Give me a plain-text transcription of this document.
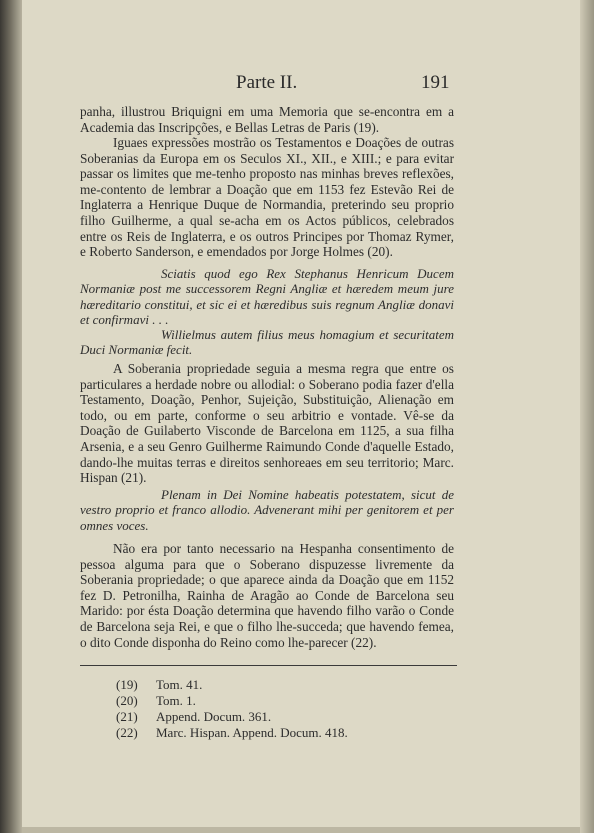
Parte II.	191

panha, illustrou Briquigni em uma Memoria que se-encontra em a Academia das Inscripções, e Bellas Letras de Paris (19).

Iguaes expressões mostrão os Testamentos e Doações de outras Soberanias da Europa em os Seculos XI., XII., e XIII.; e para evitar passar os limites que me-tenho proposto nas minhas breves reflexões, me-contento de lembrar a Doação que em 1153 fez Estevão Rei de Inglaterra a Henrique Duque de Normandia, preterindo seu proprio filho Guilherme, a qual se-acha em os Actos públicos, celebrados entre os Reis de Inglaterra, e os outros Principes por Thomaz Rymer, e Roberto Sanderson, e emendados por Jorge Holmes (20).

Sciatis quod ego Rex Stephanus Henricum Ducem Normaniæ post me successorem Regni Angliæ et hæredem meum jure hæreditario constitui, et sic ei et hæredibus suis regnum Angliæ donavi et confirmavi . . .

Willielmus autem filius meus homagium et securitatem Duci Normaniæ fecit.

A Soberania propriedade seguia a mesma regra que entre os particulares a herdade nobre ou allodial: o Soberano podia fazer d'ella Testamento, Doação, Penhor, Sujeição, Substituição, Alienação em todo, ou em parte, conforme o seu arbitrio e vontade. Vê-se da Doação de Guilaberto Visconde de Barcelona em 1125, a sua filha Arsenia, e a seu Genro Guilherme Raimundo Conde d'aquelle Estado, dando-lhe muitas terras e direitos senhoreaes em seu territorio; Marc. Hispan (21).

Plenam in Dei Nomine habeatis potestatem, sicut de vestro proprio et franco allodio. Advenerant mihi per genitorem et per omnes voces.

Não era por tanto necessario na Hespanha consentimento de pessoa alguma para que o Soberano dispuzesse livremente da Soberania propriedade; o que aparece ainda da Doação que em 1152 fez D. Petronilha, Rainha de Aragão ao Conde de Barcelona seu Marido: por ésta Doação determina que havendo filho varão o Conde de Barcelona seja Rei, e que o filho lhe-succeda; que havendo femea, o dito Conde disponha do Reino como lhe-parecer (22).

(19)	Tom. 41.
(20)	Tom. 1.
(21)	Append. Docum. 361.
(22)	Marc. Hispan. Append. Docum. 418.
